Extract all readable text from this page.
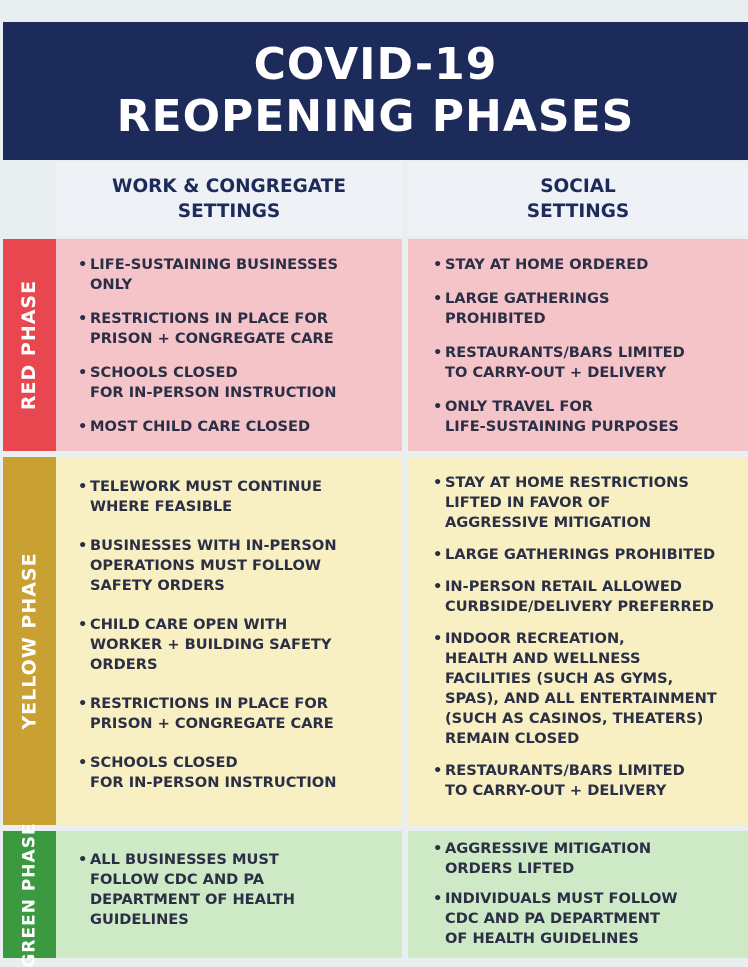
COVID-19
REOPENING PHASES
WORK & CONGREGATE
SETTINGS
SOCIAL
SETTINGS
RED PHASE
• LIFE-SUSTAINING BUSINESSES
ONLY
• RESTRICTIONS IN PLACE FOR
PRISON + CONGREGATE CARE
• SCHOOLS CLOSED
FOR IN-PERSON INSTRUCTION
• MOST CHILD CARE CLOSED
• STAY AT HOME ORDERED
• LARGE GATHERINGS
PROHIBITED
• RESTAURANTS/BARS LIMITED
TO CARRY-OUT + DELIVERY
• ONLY TRAVEL FOR
LIFE-SUSTAINING PURPOSES
YELLOW PHASE
• TELEWORK MUST CONTINUE
WHERE FEASIBLE
• BUSINESSES WITH IN-PERSON
OPERATIONS MUST FOLLOW
SAFETY ORDERS
• CHILD CARE OPEN WITH
WORKER + BUILDING SAFETY
ORDERS
• RESTRICTIONS IN PLACE FOR
PRISON + CONGREGATE CARE
• SCHOOLS CLOSED
FOR IN-PERSON INSTRUCTION
• STAY AT HOME RESTRICTIONS
LIFTED IN FAVOR OF
AGGRESSIVE MITIGATION
• LARGE GATHERINGS PROHIBITED
• IN-PERSON RETAIL ALLOWED
CURBSIDE/DELIVERY PREFERRED
• INDOOR RECREATION,
HEALTH AND WELLNESS
FACILITIES (SUCH AS GYMS,
SPAS), AND ALL ENTERTAINMENT
(SUCH AS CASINOS, THEATERS)
REMAIN CLOSED
• RESTAURANTS/BARS LIMITED
TO CARRY-OUT + DELIVERY
GREEN PHASE
•	ALL BUSINESSES MUST
FOLLOW CDC AND PA
DEPARTMENT OF HEALTH
GUIDELINES
• AGGRESSIVE MITIGATION
ORDERS LIFTED
• INDIVIDUALS MUST FOLLOW
CDC AND PA DEPARTMENT
OF HEALTH GUIDELINES
